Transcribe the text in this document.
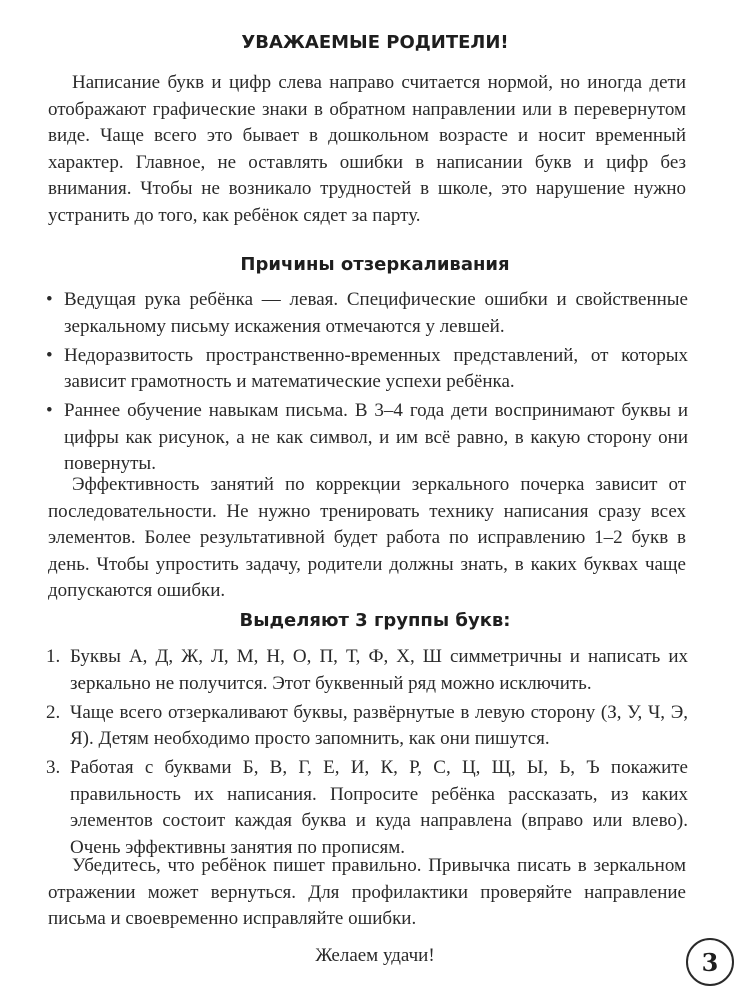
УВАЖАЕМЫЕ РОДИТЕЛИ!

Написание букв и цифр слева направо считается нормой, но иногда дети отображают графические знаки в обратном направлении или в перевернутом виде. Чаще всего это бывает в дошкольном возрасте и носит временный характер. Главное, не оставлять ошибки в написании букв и цифр без внимания. Чтобы не возникало трудностей в школе, это нарушение нужно устранить до того, как ребёнок сядет за парту.

Причины отзеркаливания
• Ведущая рука ребёнка — левая. Специфические ошибки и свойственные зеркальному письму искажения отмечаются у левшей.
• Недоразвитость пространственно-временных представлений, от которых зависит грамотность и математические успехи ребёнка.
• Раннее обучение навыкам письма. В 3–4 года дети воспринимают буквы и цифры как рисунок, а не как символ, и им всё равно, в какую сторону они повернуты.

Эффективность занятий по коррекции зеркального почерка зависит от последовательности. Не нужно тренировать технику написания сразу всех элементов. Более результативной будет работа по исправлению 1–2 букв в день. Чтобы упростить задачу, родители должны знать, в каких буквах чаще допускаются ошибки.

Выделяют 3 группы букв:
1. Буквы А, Д, Ж, Л, М, Н, О, П, Т, Ф, Х, Ш симметричны и написать их зеркально не получится. Этот буквенный ряд можно исключить.
2. Чаще всего отзеркаливают буквы, развёрнутые в левую сторону (З, У, Ч, Э, Я). Детям необходимо просто запомнить, как они пишутся.
3. Работая с буквами Б, В, Г, Е, И, К, Р, С, Ц, Щ, Ы, Ь, Ъ покажите правильность их написания. Попросите ребёнка рассказать, из каких элементов состоит каждая буква и куда направлена (вправо или влево). Очень эффективны занятия по прописям.

Убедитесь, что ребёнок пишет правильно. Привычка писать в зеркальном отражении может вернуться. Для профилактики проверяйте направление письма и своевременно исправляйте ошибки.

Желаем удачи!	3
